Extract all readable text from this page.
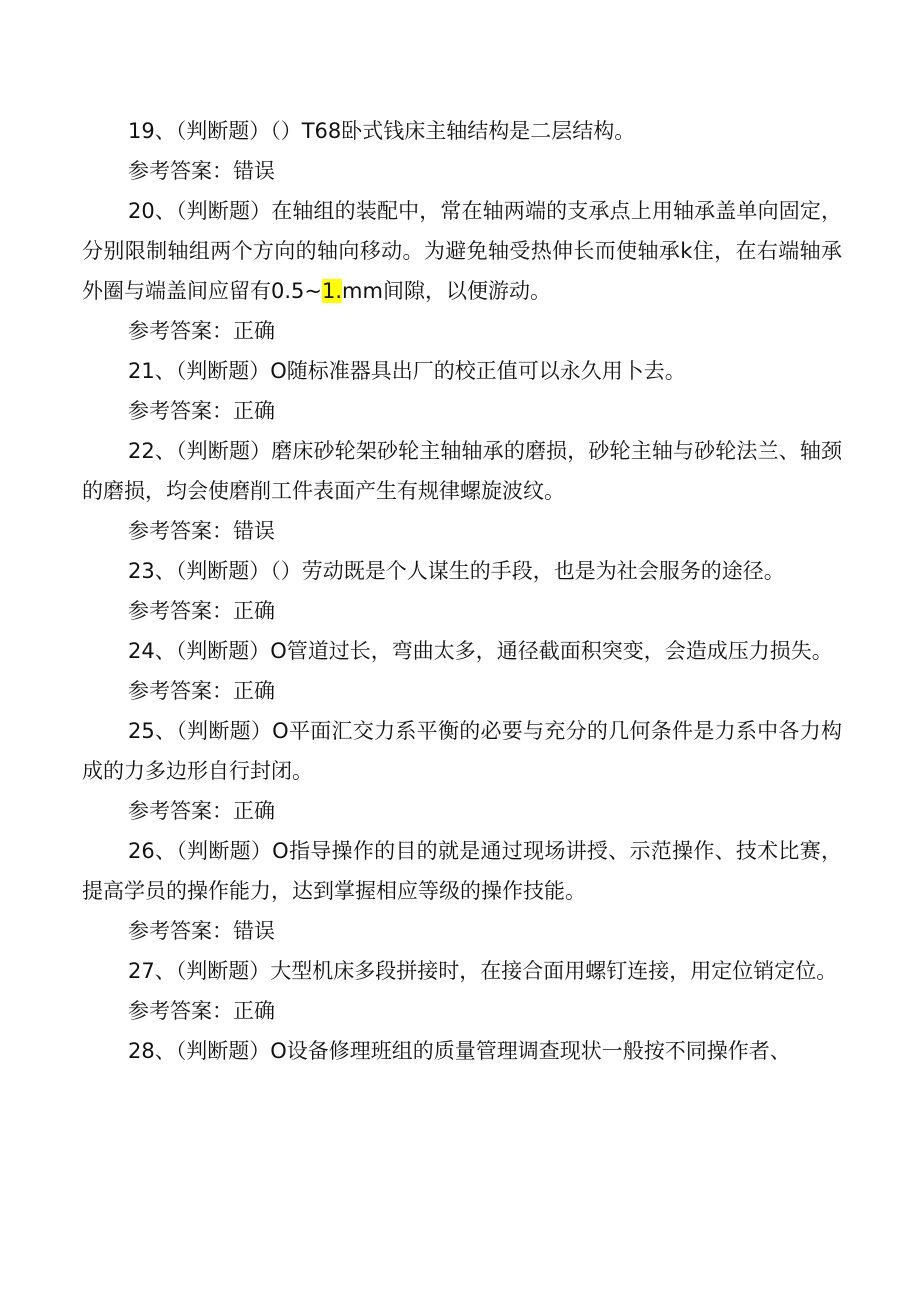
19、（判断题）（）T68卧式钱床主轴结构是二层结构。

参考答案：错误

20、（判断题）在轴组的装配中，常在轴两端的支承点上用轴承盖单向固定，分别限制轴组两个方向的轴向移动。为避免轴受热伸长而使轴承k住，在右端轴承外圈与端盖间应留有0.5~1.mm间隙，以便游动。

参考答案：正确

21、（判断题）O随标准器具出厂的校正值可以永久用卜去。

参考答案：正确

22、（判断题）磨床砂轮架砂轮主轴轴承的磨损，砂轮主轴与砂轮法兰、轴颈的磨损，均会使磨削工件表面产生有规律螺旋波纹。

参考答案：错误

23、（判断题）（）劳动既是个人谋生的手段，也是为社会服务的途径。

参考答案：正确

24、（判断题）O管道过长，弯曲太多，通径截面积突变，会造成压力损失。

参考答案：正确

25、（判断题）O平面汇交力系平衡的必要与充分的几何条件是力系中各力构成的力多边形自行封闭。

参考答案：正确

26、（判断题）O指导操作的目的就是通过现场讲授、示范操作、技术比赛，提高学员的操作能力，达到掌握相应等级的操作技能。

参考答案：错误

27、（判断题）大型机床多段拼接时，在接合面用螺钉连接，用定位销定位。

参考答案：正确

28、（判断题）O设备修理班组的质量管理调查现状一般按不同操作者、
